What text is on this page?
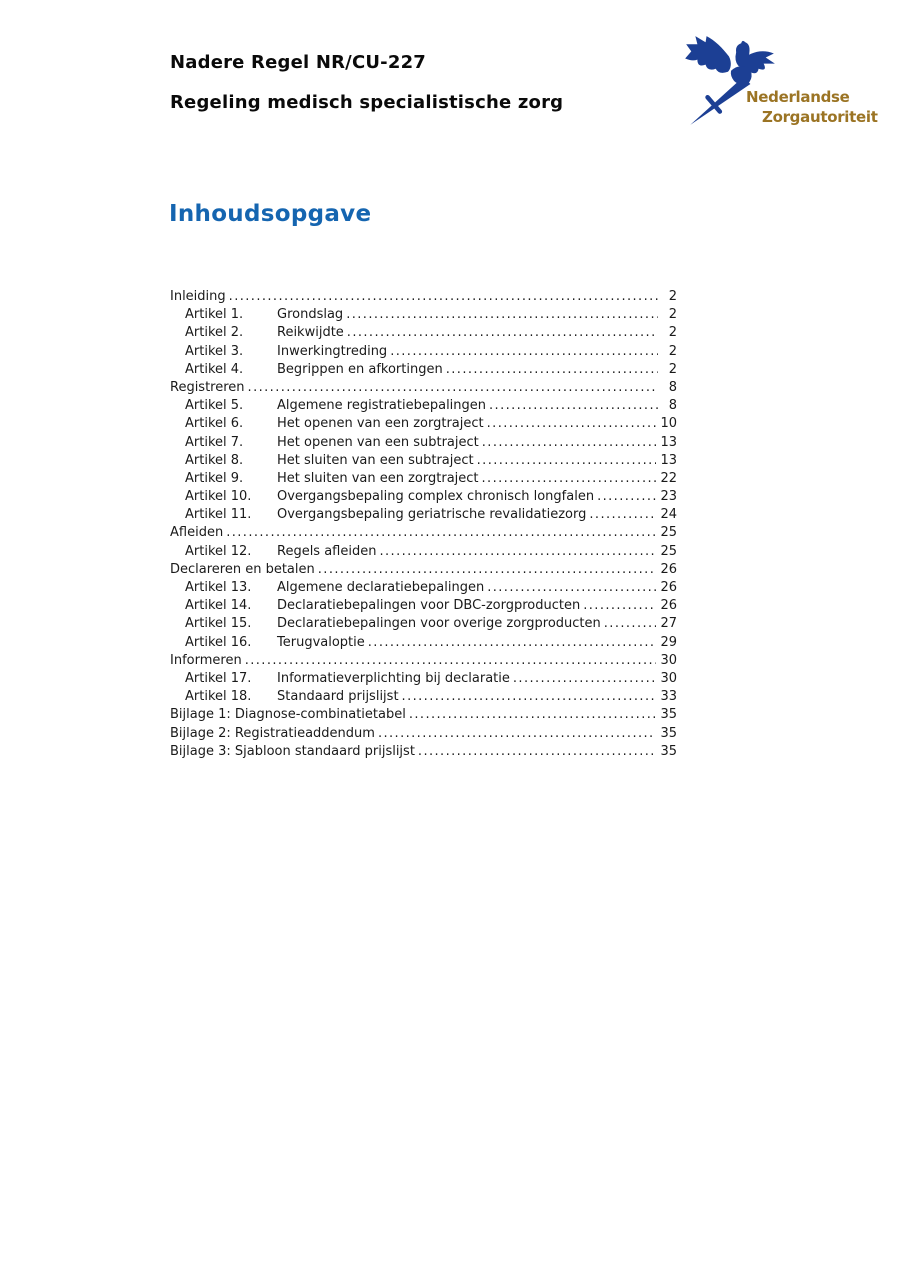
Nadere Regel NR/CU-227
Regeling medisch specialistische zorg	Nederlandse
Zorgautoriteit
Inhoudsopgave
Inleiding .....	2
Artikel 1.	Grondslag .....	2
Artikel 2.	Reikwijdte .....	2
Artikel 3.	Inwerkingtreding .....	2
Artikel 4.	Begrippen en afkortingen .....	2
Registreren .....	8
Artikel 5.	Algemene registratiebepalingen .....	8
Artikel 6.	Het openen van een zorgtraject .....	10
Artikel 7.	Het openen van een subtraject .....	13
Artikel 8.	Het sluiten van een subtraject .....	13
Artikel 9.	Het sluiten van een zorgtraject .....	22
Artikel 10.	Overgangsbepaling complex chronisch longfalen .....	23
Artikel 11.	Overgangsbepaling geriatrische revalidatiezorg .....	24
Afleiden .....	25
Artikel 12.	Regels afleiden .....	25
Declareren en betalen .....	26
Artikel 13.	Algemene declaratiebepalingen .....	26
Artikel 14.	Declaratiebepalingen voor DBC-zorgproducten .....	26
Artikel 15.	Declaratiebepalingen voor overige zorgproducten .....	27
Artikel 16.	Terugvaloptie .....	29
Informeren .....	30
Artikel 17.	Informatieverplichting bij declaratie .....	30
Artikel 18.	Standaard prijslijst .....	33
Bijlage 1: Diagnose-combinatietabel .....	35
Bijlage 2: Registratieaddendum .....	35
Bijlage 3: Sjabloon standaard prijslijst .....	35
